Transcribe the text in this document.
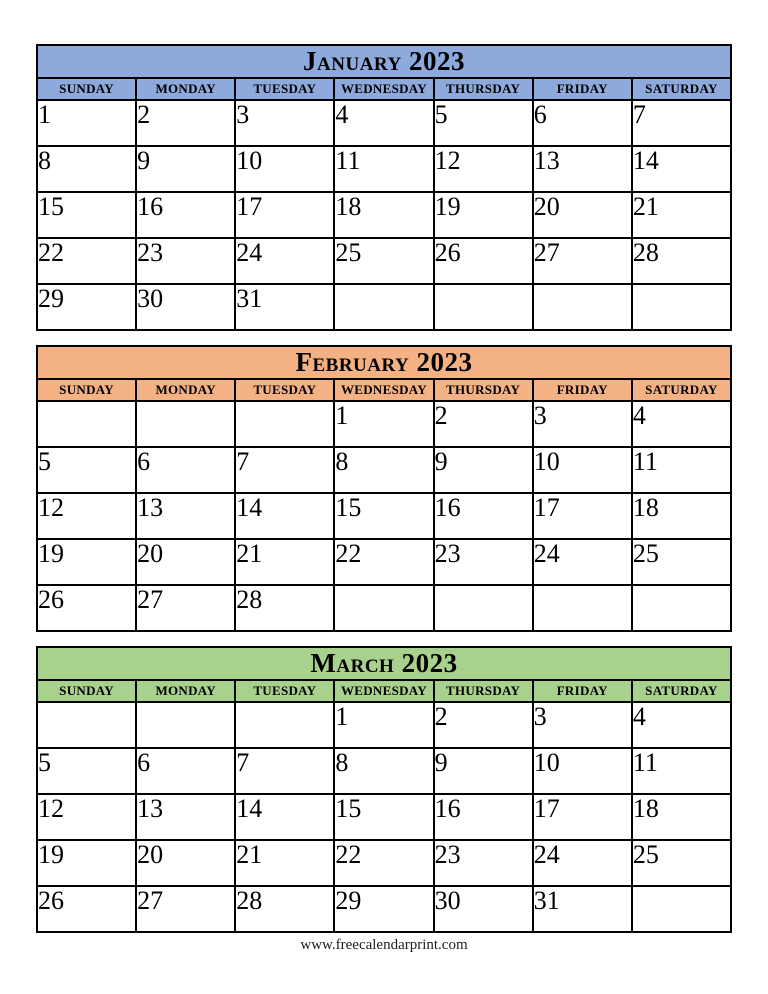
January 2023						
SUNDAY	MONDAY	TUESDAY	WEDNESDAY	THURSDAY	FRIDAY	SATURDAY
1	2	3	4	5	6	7
8	9	10	11	12	13	14
15	16	17	18	19	20	21
22	23	24	25	26	27	28
29	30	31				
February 2023						
SUNDAY	MONDAY	TUESDAY	WEDNESDAY	THURSDAY	FRIDAY	SATURDAY
			1	2	3	4
5	6	7	8	9	10	11
12	13	14	15	16	17	18
19	20	21	22	23	24	25
26	27	28				
March 2023						
SUNDAY	MONDAY	TUESDAY	WEDNESDAY	THURSDAY	FRIDAY	SATURDAY
			1	2	3	4
5	6	7	8	9	10	11
12	13	14	15	16	17	18
19	20	21	22	23	24	25
26	27	28	29	30	31	
www.freecalendarprint.com
